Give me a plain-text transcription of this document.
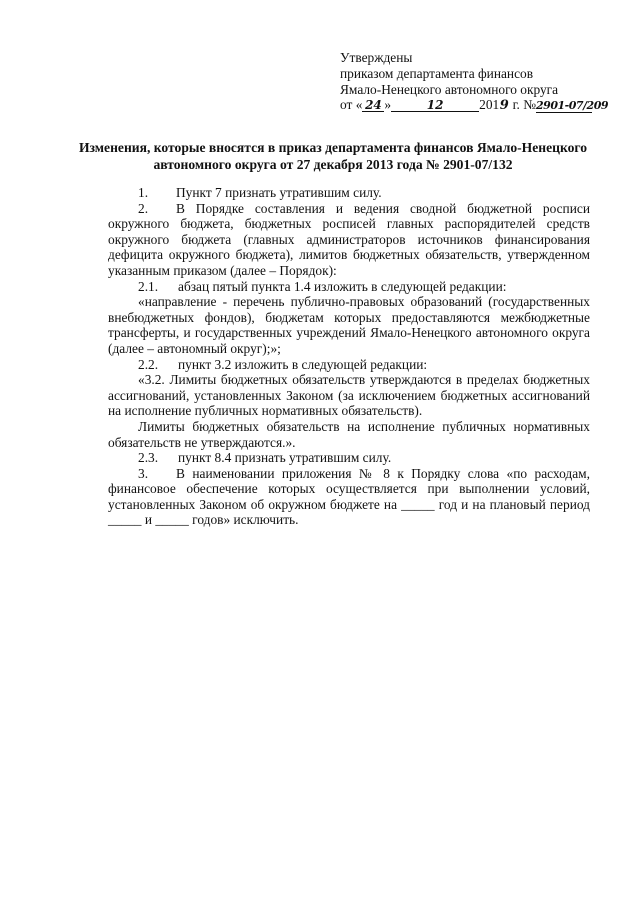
Утверждены
приказом департамента финансов
Ямало-Ненецкого автономного округа
от « 24 »	12	2019 г. №2901-07/209
Изменения, которые вносятся в приказ департамента финансов Ямало-Ненецкого автономного округа от 27 декабря 2013 года № 2901-07/132

1. Пункт 7 признать утратившим силу.

2. В Порядке составления и ведения сводной бюджетной росписи окружного бюджета, бюджетных росписей главных распорядителей средств окружного бюджета (главных администраторов источников финансирования дефицита окружного бюджета), лимитов бюджетных обязательств, утвержденном указанным приказом (далее – Порядок):

2.1. абзац пятый пункта 1.4 изложить в следующей редакции:

«направление - перечень публично-правовых образований (государственных внебюджетных фондов), бюджетам которых предоставляются межбюджетные трансферты, и государственных учреждений Ямало-Ненецкого автономного округа (далее – автономный округ);»;

2.2. пункт 3.2 изложить в следующей редакции:

«3.2. Лимиты бюджетных обязательств утверждаются в пределах бюджетных ассигнований, установленных Законом (за исключением бюджетных ассигнований на исполнение публичных нормативных обязательств).

Лимиты бюджетных обязательств на исполнение публичных нормативных обязательств не утверждаются.».

2.3. пункт 8.4 признать утратившим силу.

3. В наименовании приложения № 8 к Порядку слова «по расходам, финансовое обеспечение которых осуществляется при выполнении условий, установленных Законом об окружном бюджете на _____ год и на плановый период _____ и _____ годов» исключить.
